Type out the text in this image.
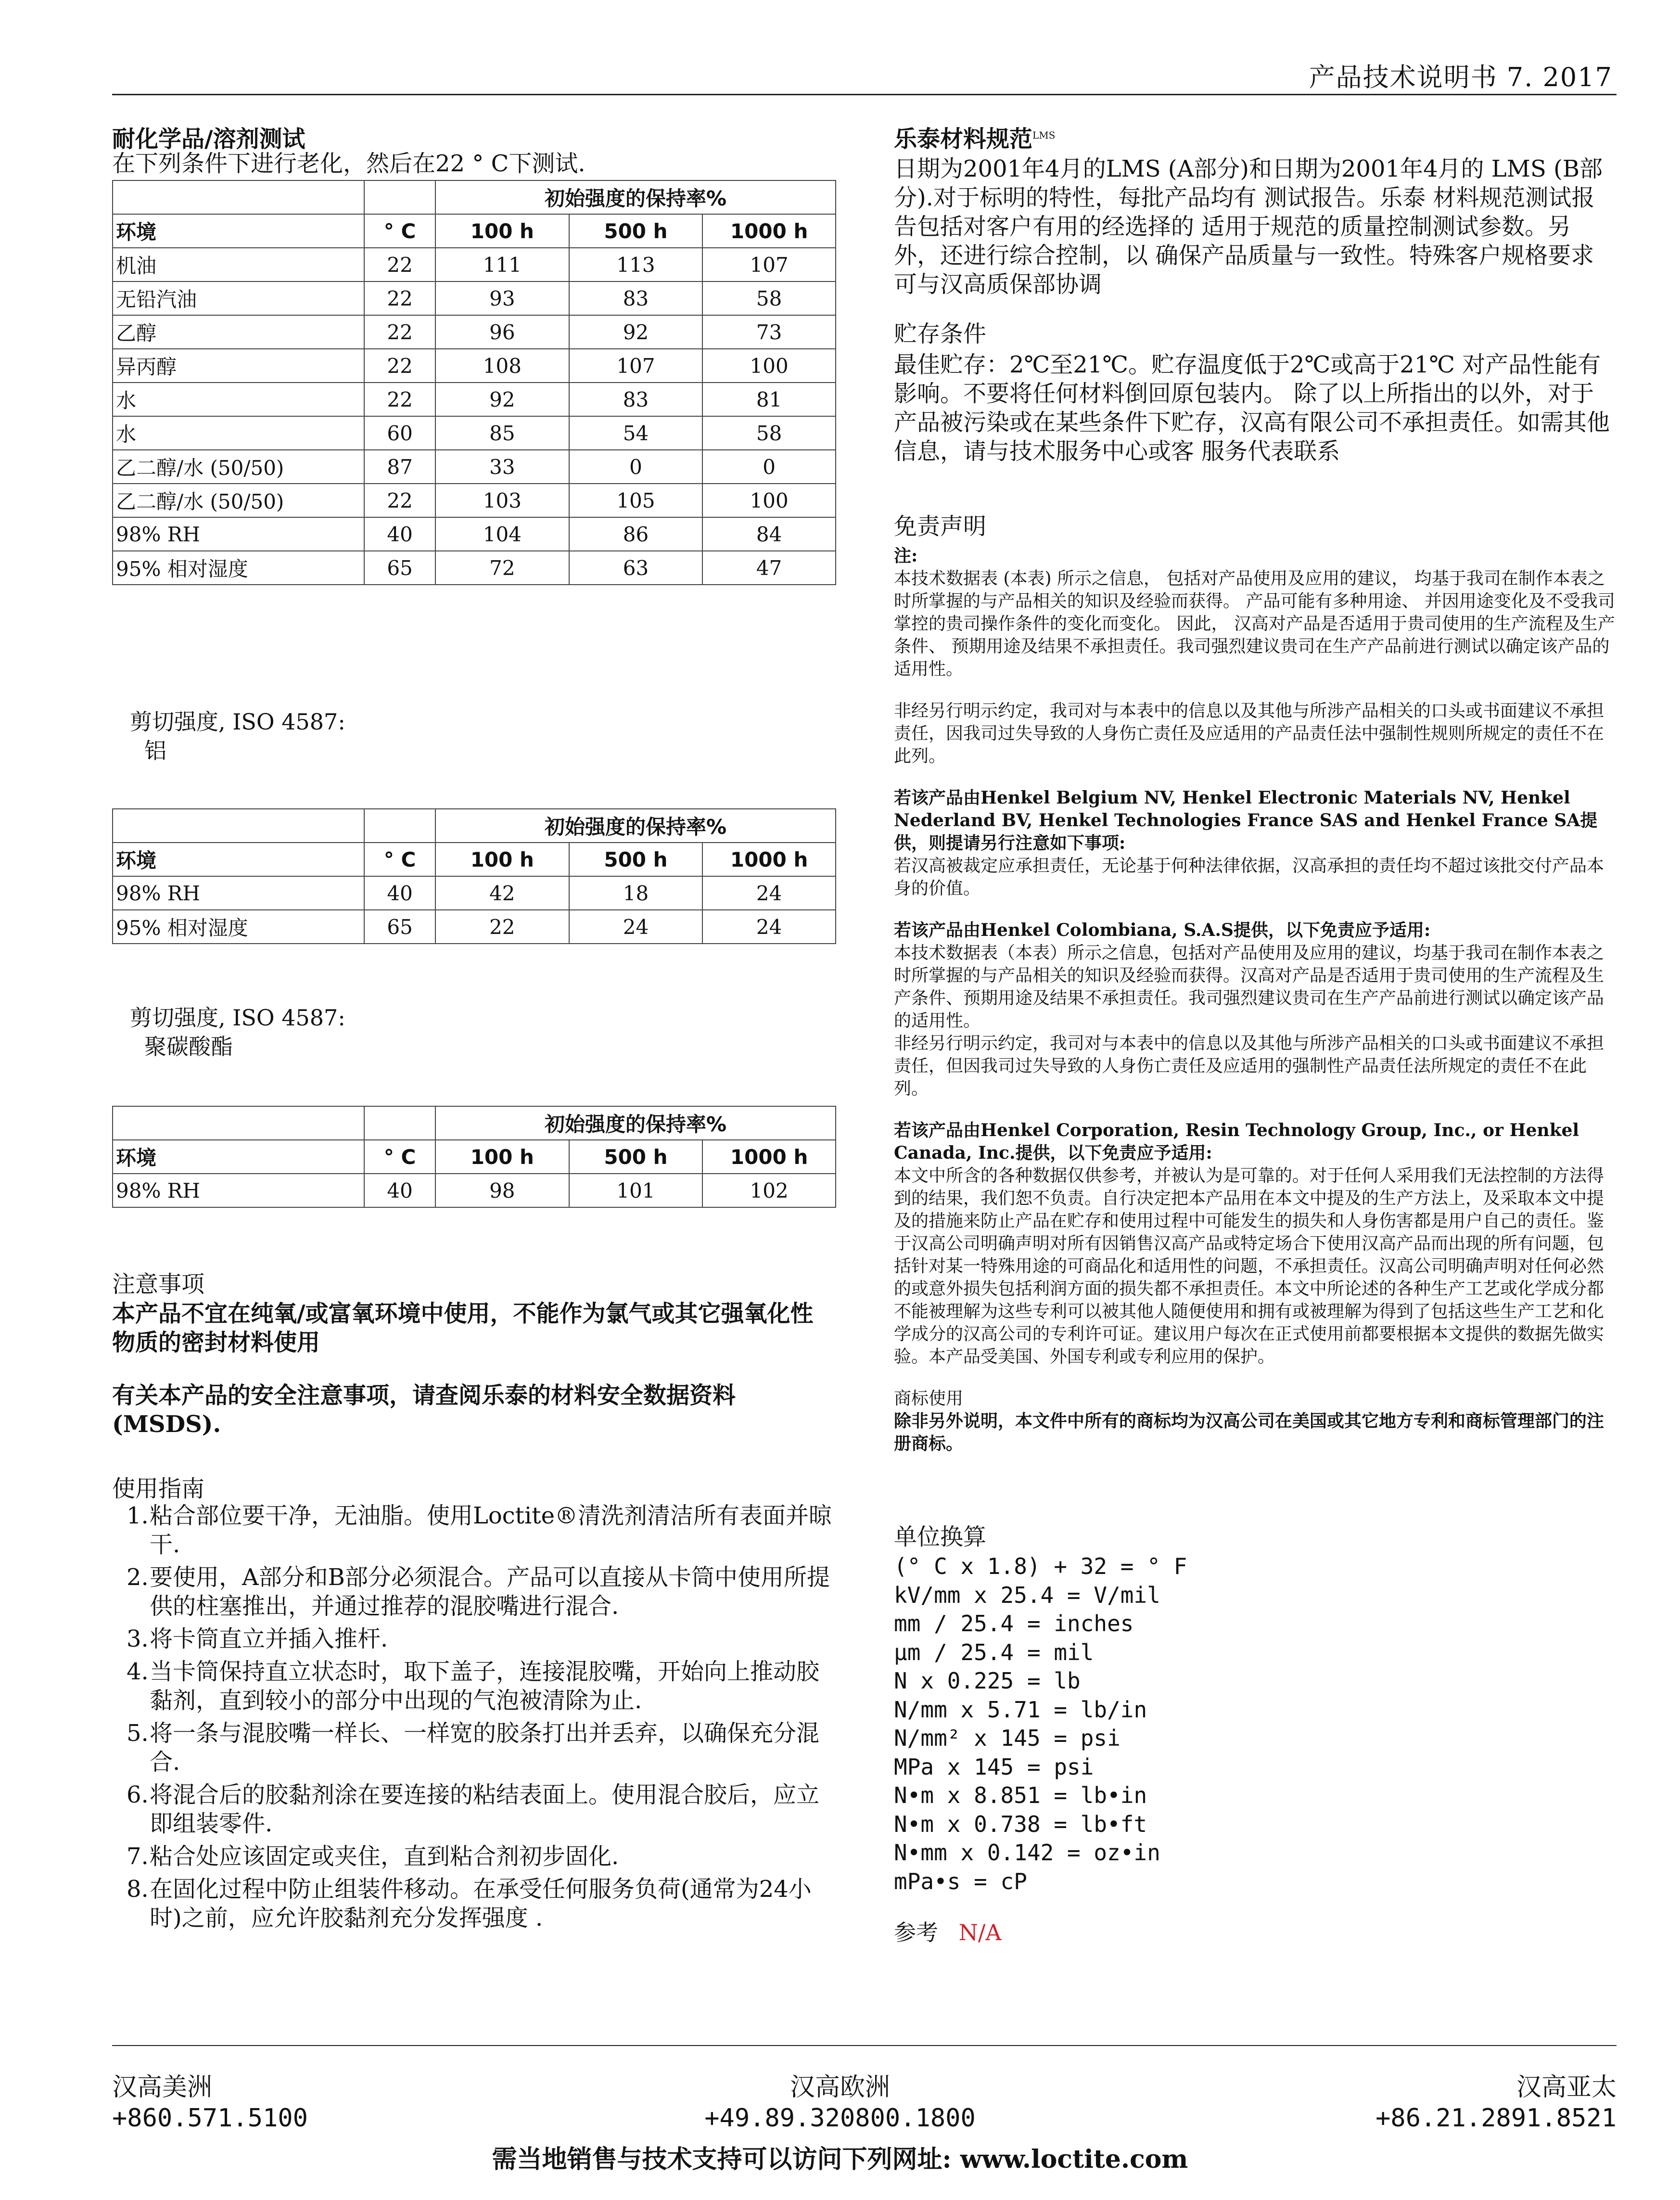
产品技术说明书 7. 2017
耐化学品/溶剂测试
在下列条件下进行老化，然后在22 ° C下测试.
		初始强度的保持率%		
环境	° C	100 h	500 h	1000 h
机油	22	111	113	107
无铅汽油	22	93	83	58
乙醇	22	96	92	73
异丙醇	22	108	107	100
水	22	92	83	81
水	60	85	54	58
乙二醇/水 (50/50)	87	33	0	0
乙二醇/水 (50/50)	22	103	105	100
98% RH	40	104	86	84
95% 相对湿度	65	72	63	47
剪切强度, ISO 4587:
铝
		初始强度的保持率%		
环境	° C	100 h	500 h	1000 h
98% RH	40	42	18	24
95% 相对湿度	65	22	24	24
剪切强度, ISO 4587:
聚碳酸酯
		初始强度的保持率%		
环境	° C	100 h	500 h	1000 h
98% RH	40	98	101	102
注意事项
本产品不宜在纯氧/或富氧环境中使用，不能作为氯气或其它强氧化性物质的密封材料使用
有关本产品的安全注意事项，请查阅乐泰的材料安全数据资料(MSDS).
使用指南
1. 粘合部位要干净，无油脂。使用Loctite®清洗剂清洁所有表面并晾干.
2. 要使用，A部分和B部分必须混合。产品可以直接从卡筒中使用所提供的柱塞推出，并通过推荐的混胶嘴进行混合.
3. 将卡筒直立并插入推杆.
4. 当卡筒保持直立状态时，取下盖子，连接混胶嘴，开始向上推动胶黏剂，直到较小的部分中出现的气泡被清除为止.
5. 将一条与混胶嘴一样长、一样宽的胶条打出并丢弃，以确保充分混合.
6. 将混合后的胶黏剂涂在要连接的粘结表面上。使用混合胶后，应立即组装零件.
7. 粘合处应该固定或夹住，直到粘合剂初步固化.
8. 在固化过程中防止组装件移动。在承受任何服务负荷(通常为24小时)之前，应允许胶黏剂充分发挥强度 .
乐泰材料规范$^{LMS}$
日期为2001年4月的LMS (A部分)和日期为2001年4月的 LMS (B部分).对于标明的特性，每批产品均有 测试报告。乐泰 材料规范测试报告包括对客户有用的经选择的 适用于规范的质量控制测试参数。另外，还进行综合控制，以 确保产品质量与一致性。特殊客户规格要求可与汉高质保部协调
贮存条件
最佳贮存：2℃至21℃。贮存温度低于2℃或高于21℃ 对产品性能有影响。不要将任何材料倒回原包装内。 除了以上所指出的以外，对于产品被污染或在某些条件下贮存，汉高有限公司不承担责任。如需其他信息，请与技术服务中心或客 服务代表联系
免责声明
注:
本技术数据表 (本表) 所示之信息， 包括对产品使用及应用的建议， 均基于我司在制作本表之时所掌握的与产品相关的知识及经验而获得。 产品可能有多种用途、 并因用途变化及不受我司掌控的贵司操作条件的变化而变化。 因此， 汉高对产品是否适用于贵司使用的生产流程及生产条件、 预期用途及结果不承担责任。我司强烈建议贵司在生产产品前进行测试以确定该产品的适用性。
非经另行明示约定，我司对与本表中的信息以及其他与所涉产品相关的口头或书面建议不承担责任，因我司过失导致的人身伤亡责任及应适用的产品责任法中强制性规则所规定的责任不在此列。
若该产品由Henkel Belgium NV, Henkel Electronic Materials NV, Henkel Nederland BV, Henkel Technologies France SAS and Henkel France SA提供，则提请另行注意如下事项:
若汉高被裁定应承担责任，无论基于何种法律依据，汉高承担的责任均不超过该批交付产品本身的价值。
若该产品由Henkel Colombiana, S.A.S提供，以下免责应予适用:
本技术数据表（本表）所示之信息，包括对产品使用及应用的建议，均基于我司在制作本表之时所掌握的与产品相关的知识及经验而获得。汉高对产品是否适用于贵司使用的生产流程及生产条件、预期用途及结果不承担责任。我司强烈建议贵司在生产产品前进行测试以确定该产品的适用性。
非经另行明示约定，我司对与本表中的信息以及其他与所涉产品相关的口头或书面建议不承担责任，但因我司过失导致的人身伤亡责任及应适用的强制性产品责任法所规定的责任不在此列。
若该产品由Henkel Corporation, Resin Technology Group, Inc., or Henkel Canada, Inc.提供，以下免责应予适用:
本文中所含的各种数据仅供参考，并被认为是可靠的。对于任何人采用我们无法控制的方法得到的结果，我们恕不负责。自行决定把本产品用在本文中提及的生产方法上，及采取本文中提及的措施来防止产品在贮存和使用过程中可能发生的损失和人身伤害都是用户自己的责任。鉴于汉高公司明确声明对所有因销售汉高产品或特定场合下使用汉高产品而出现的所有问题，包括针对某一特殊用途的可商品化和适用性的问题，不承担责任。汉高公司明确声明对任何必然的或意外损失包括利润方面的损失都不承担责任。本文中所论述的各种生产工艺或化学成分都不能被理解为这些专利可以被其他人随便使用和拥有或被理解为得到了包括这些生产工艺和化学成分的汉高公司的专利许可证。建议用户每次在正式使用前都要根据本文提供的数据先做实验。本产品受美国、外国专利或专利应用的保护。
商标使用
除非另外说明，本文件中所有的商标均为汉高公司在美国或其它地方专利和商标管理部门的注册商标。
单位换算
(° C x 1.8) + 32 = ° F
kV/mm x 25.4 = V/mil
mm / 25.4 = inches
μm / 25.4 = mil
N x 0.225 = lb
N/mm x 5.71 = lb/in
N/mm² x 145 = psi
MPa x 145 = psi
N•m x 8.851 = lb•in
N•m x 0.738 = lb•ft
N•mm x 0.142 = oz•in
mPa•s = cP
参考 N/A
汉高美洲
+860.571.5100
汉高欧洲
+49.89.320800.1800
汉高亚太
+86.21.2891.8521
需当地销售与技术支持可以访问下列网址: www.loctite.com
